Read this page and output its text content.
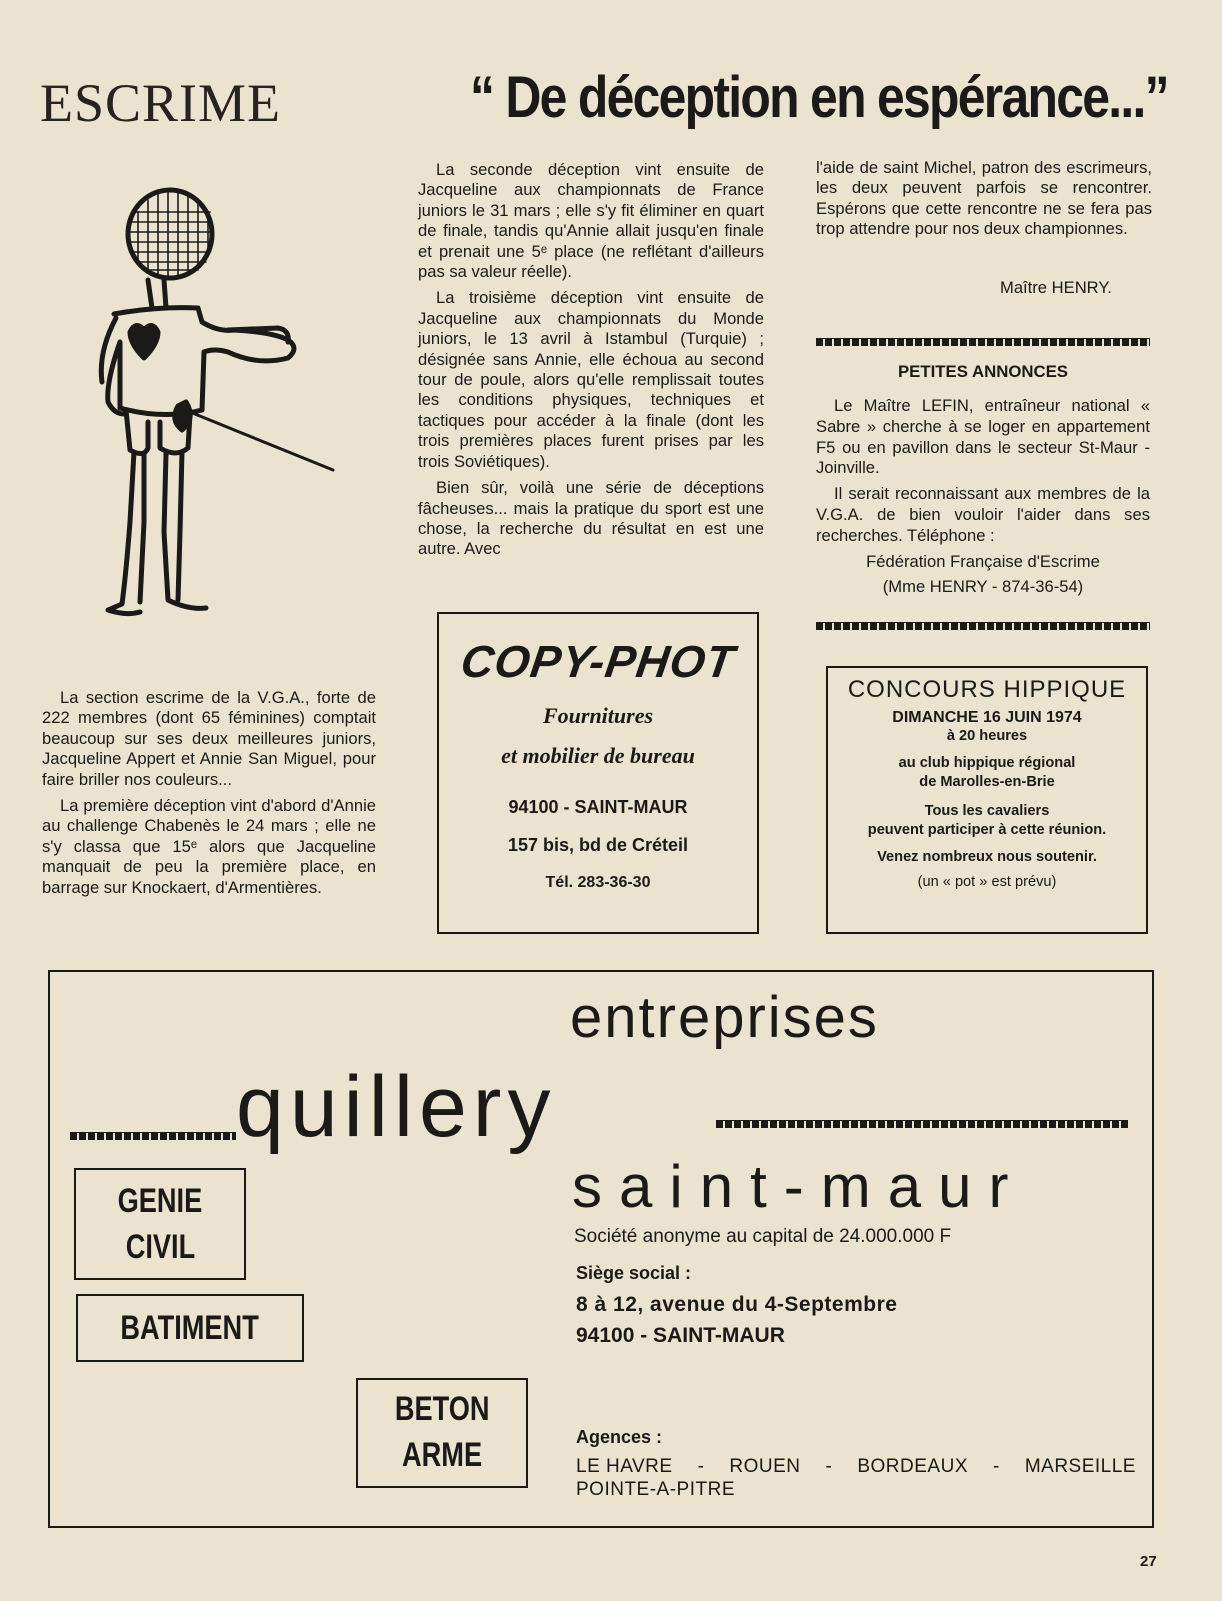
ESCRIME	“ De déception en espérance...”

La section escrime de la V.G.A., forte de 222 membres (dont 65 féminines) comptait beaucoup sur ses deux meilleures juniors, Jacqueline Appert et Annie San Miguel, pour faire briller nos couleurs...

La première déception vint d'abord d'Annie au challenge Chabenès le 24 mars ; elle ne s'y classa que 15ᵉ alors que Jacqueline manquait de peu la première place, en barrage sur Knockaert, d'Armentières.

La seconde déception vint ensuite de Jacqueline aux championnats de France juniors le 31 mars ; elle s'y fit éliminer en quart de finale, tandis qu'Annie allait jusqu'en finale et prenait une 5ᵉ place (ne reflétant d'ailleurs pas sa valeur réelle).

La troisième déception vint ensuite de Jacqueline aux championnats du Monde juniors, le 13 avril à Istambul (Turquie) ; désignée sans Annie, elle échoua au second tour de poule, alors qu'elle remplissait toutes les conditions physiques, techniques et tactiques pour accéder à la finale (dont les trois premières places furent prises par les trois Soviétiques).

Bien sûr, voilà une série de déceptions fâcheuses... mais la pratique du sport est une chose, la recherche du résultat en est une autre. Avec

l'aide de saint Michel, patron des escrimeurs, les deux peuvent parfois se rencontrer. Espérons que cette rencontre ne se fera pas trop attendre pour nos deux championnes.

Maître HENRY.
PETITES ANNONCES

Le Maître LEFIN, entraîneur national « Sabre » cherche à se loger en appartement F5 ou en pavillon dans le secteur St-Maur - Joinville.

Il serait reconnaissant aux membres de la V.G.A. de bien vouloir l'aider dans ses recherches. Téléphone :

Fédération Française d'Escrime

(Mme HENRY - 874-36-54)

COPY-PHOT
Fournitures
et mobilier de bureau
94100 - SAINT-MAUR
157 bis, bd de Créteil
Tél. 283-36-30
CONCOURS HIPPIQUE
DIMANCHE 16 JUIN 1974
à 20 heures
au club hippique régional
de Marolles-en-Brie
Tous les cavaliers
peuvent participer à cette réunion.
Venez nombreux nous soutenir.
(un « pot » est prévu)
entreprises
quillery
saint-maur
Société anonyme au capital de 24.000.000 F
Siège social :
8 à 12, avenue du 4-Septembre
94100 - SAINT-MAUR
Agences :
LE HAVRE - ROUEN - BORDEAUX - MARSEILLE
POINTE-A-PITRE
GENIE
CIVIL
BATIMENT
BETON
ARME
27
